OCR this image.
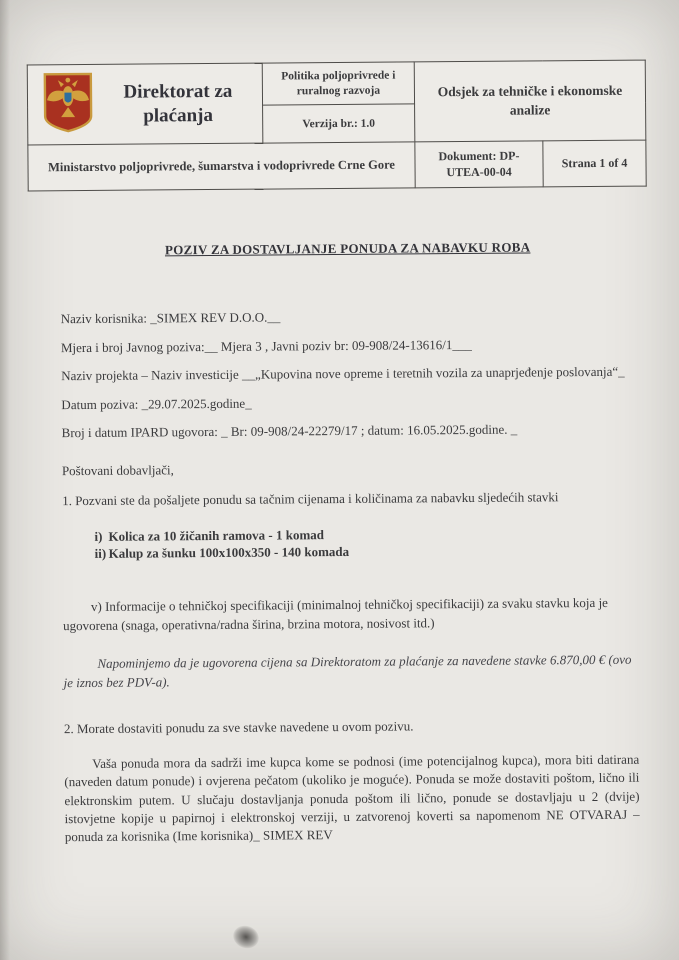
Direktorat za plaćanja	Politika poljoprivrede i ruralnog razvoja	Odsjek za tehničke i ekonomske analize	
	Verzija br.: 1.0		
Ministarstvo poljoprivrede, šumarstva i vodoprivrede Crne Gore		Dokument: DP-UTEA-00-04	Strana 1 of 4
POZIV ZA DOSTAVLJANJE PONUDA ZA NABAVKU ROBA
Naziv korisnika: _SIMEX REV D.O.O.__
Mjera i broj Javnog poziva:__ Mjera 3 , Javni poziv br: 09-908/24-13616/1___
Naziv projekta – Naziv investicije __„Kupovina nove opreme i teretnih vozila za unaprjeđenje poslovanja“_
Datum poziva: _29.07.2025.godine_
Broj i datum IPARD ugovora: _ Br: 09-908/24-22279/17 ; datum: 16.05.2025.godine. _
Poštovani dobavljači,
1. Pozvani ste da pošaljete ponudu sa tačnim cijenama i količinama za nabavku sljedećih stavki
i) Kolica za 10 žičanih ramova - 1 komad
ii) Kalup za šunku 100x100x350 - 140 komada
v) Informacije o tehničkoj specifikaciji (minimalnoj tehničkoj specifikaciji) za svaku stavku koja je ugovorena (snaga, operativna/radna širina, brzina motora, nosivost itd.)
Napominjemo da je ugovorena cijena sa Direktoratom za plaćanje za navedene stavke 6.870,00 € (ovo je iznos bez PDV-a).
2. Morate dostaviti ponudu za sve stavke navedene u ovom pozivu.
Vaša ponuda mora da sadrži ime kupca kome se podnosi (ime potencijalnog kupca), mora biti datirana (naveden datum ponude) i ovjerena pečatom (ukoliko je moguće). Ponuda se može dostaviti poštom, lično ili elektronskim putem. U slučaju dostavljanja ponuda poštom ili lično, ponude se dostavljaju u 2 (dvije) istovjetne kopije u papirnoj i elektronskoj verziji, u zatvorenoj koverti sa napomenom NE OTVARAJ – ponuda za korisnika (Ime korisnika)_ SIMEX REV
